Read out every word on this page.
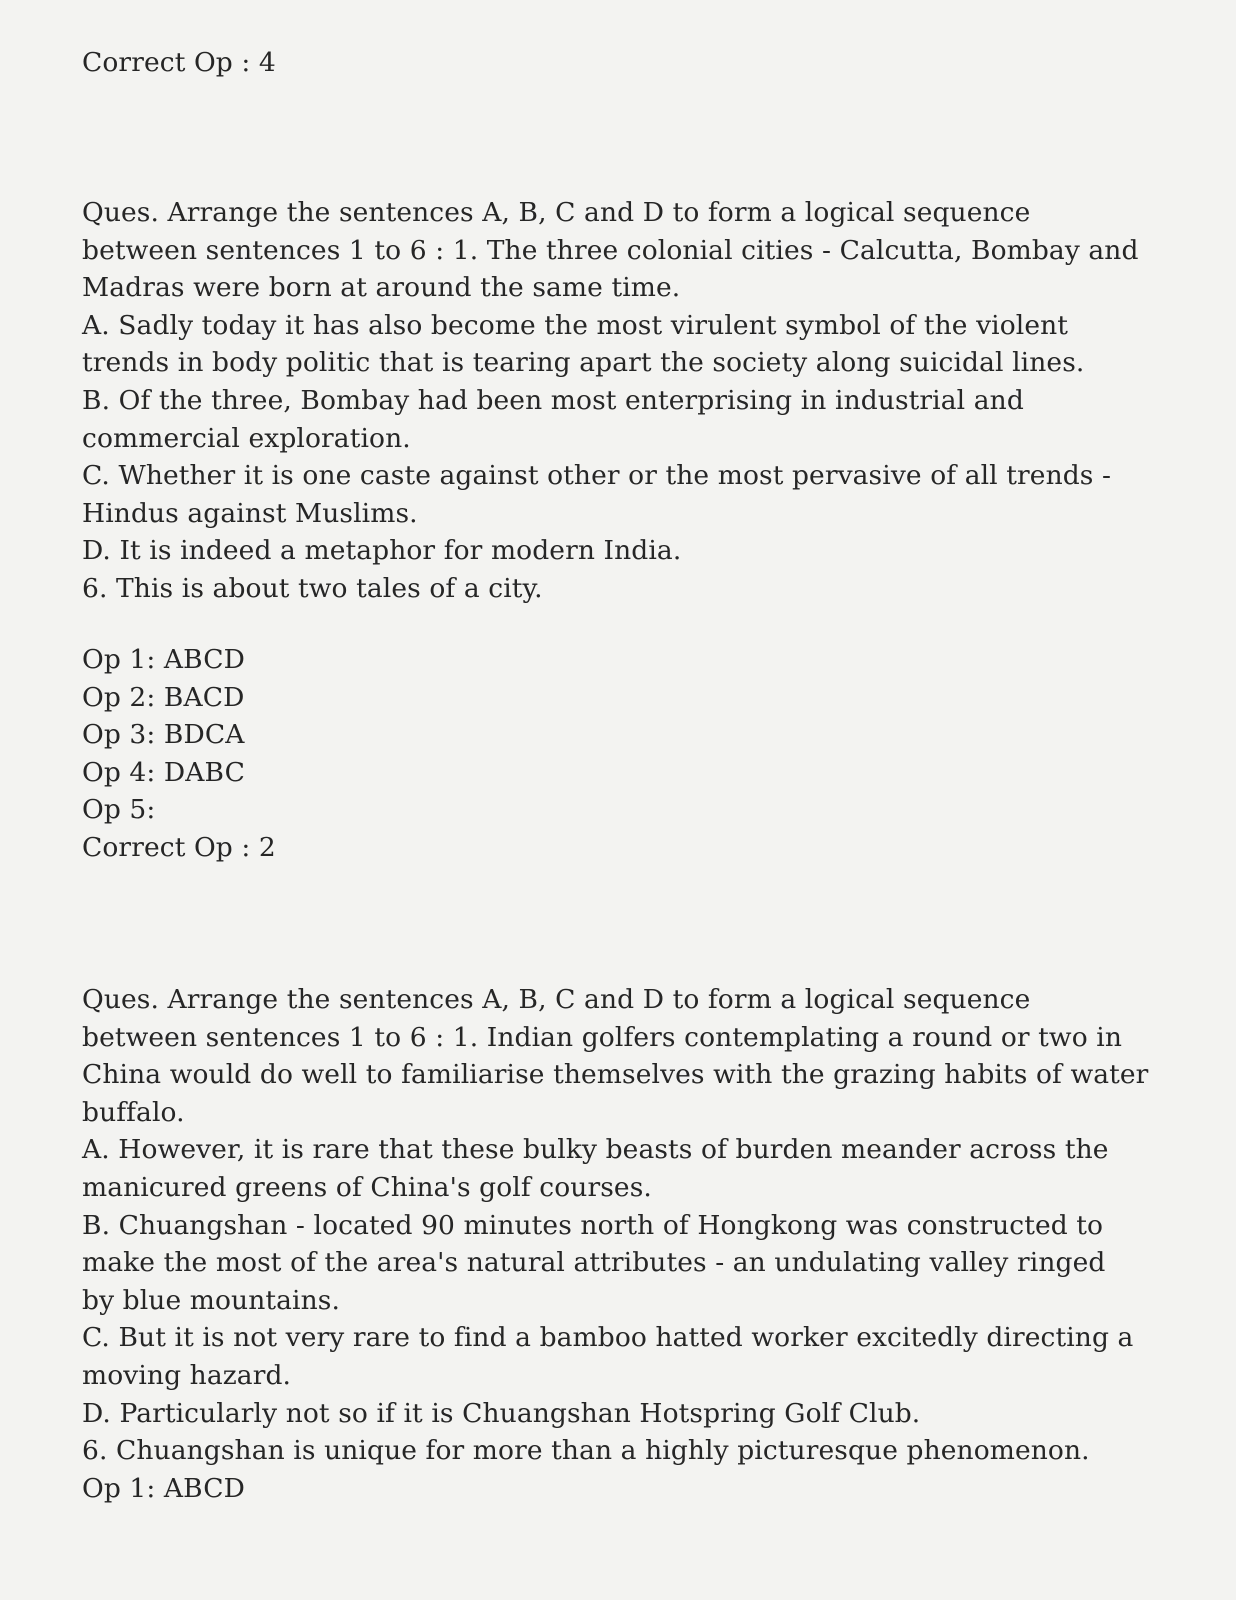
Correct Op : 4
Ques. Arrange the sentences A, B, C and D to form a logical sequence
between sentences 1 to 6 : 1. The three colonial cities - Calcutta, Bombay and
Madras were born at around the same time.
A. Sadly today it has also become the most virulent symbol of the violent
trends in body politic that is tearing apart the society along suicidal lines.
B. Of the three, Bombay had been most enterprising in industrial and
commercial exploration.
C. Whether it is one caste against other or the most pervasive of all trends -
Hindus against Muslims.
D. It is indeed a metaphor for modern India.
6. This is about two tales of a city.
Op 1: ABCD
Op 2: BACD
Op 3: BDCA
Op 4: DABC
Op 5:
Correct Op : 2
Ques. Arrange the sentences A, B, C and D to form a logical sequence
between sentences 1 to 6 : 1. Indian golfers contemplating a round or two in
China would do well to familiarise themselves with the grazing habits of water
buffalo.
A. However, it is rare that these bulky beasts of burden meander across the
manicured greens of China's golf courses.
B. Chuangshan - located 90 minutes north of Hongkong was constructed to
make the most of the area's natural attributes - an undulating valley ringed
by blue mountains.
C. But it is not very rare to find a bamboo hatted worker excitedly directing a
moving hazard.
D. Particularly not so if it is Chuangshan Hotspring Golf Club.
6. Chuangshan is unique for more than a highly picturesque phenomenon.
Op 1: ABCD
